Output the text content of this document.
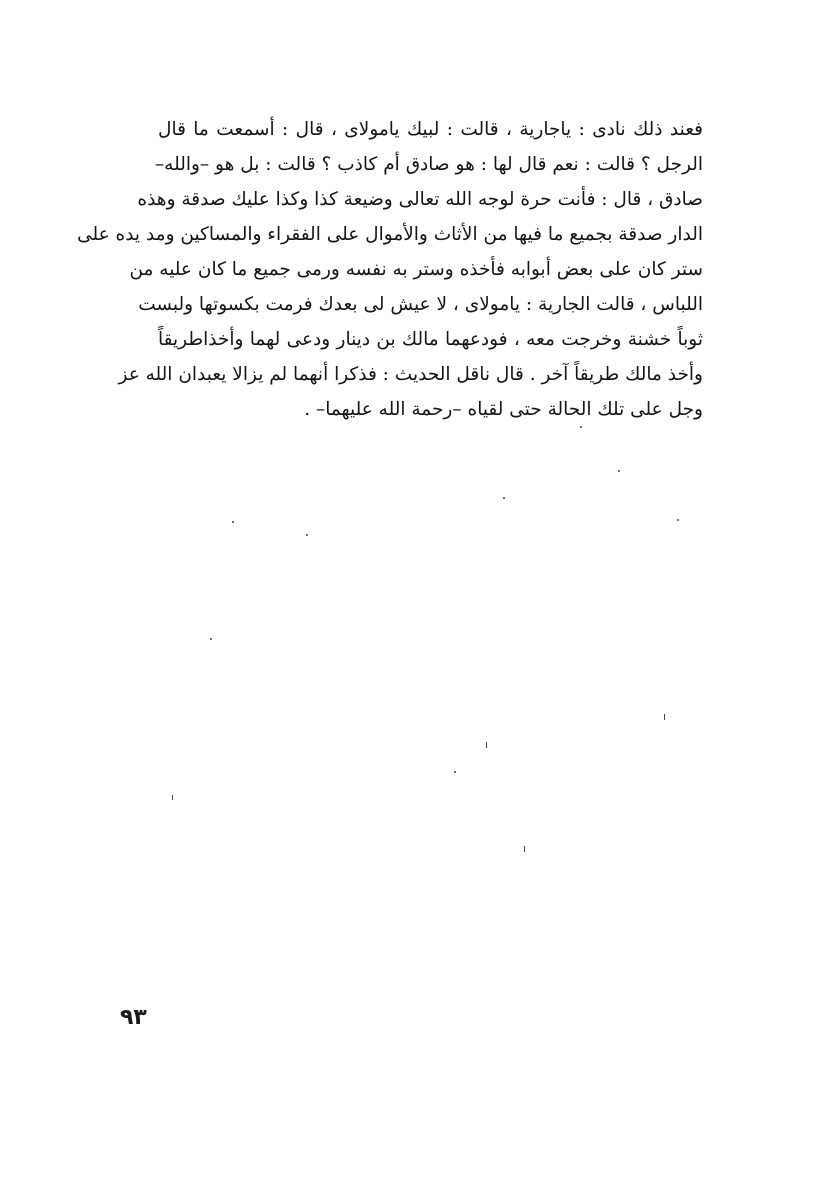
فعند ذلك نادى : ياجارية ، قالت : لبيك يامولاى ، قال : أسمعت ما قال
الرجل ؟ قالت : نعم قال لها : هو صادق أم كاذب ؟ قالت : بل هو –والله–
صادق ، قال : فأنت حرة لوجه الله تعالى وضيعة كذا وكذا عليك صدقة وهذه
الدار صدقة بجميع ما فيها من الأثاث والأموال على الفقراء والمساكين ومد يده على
ستر كان على بعض أبوابه فأخذه وستر به نفسه ورمى جميع ما كان عليه من
اللباس ، قالت الجارية : يامولاى ، لا عيش لى بعدك فرمت بكسوتها ولبست
ثوباً خشنة وخرجت معه ، فودعهما مالك بن دينار ودعى لهما وأخذاطريقاً
وأخذ مالك طريقاً آخر . قال ناقل الحديث : فذكرا أنهما لم يزالا يعبدان الله عز
وجل على تلك الحالة حتى لقياه –رحمة الله عليهما– .
٩٣
